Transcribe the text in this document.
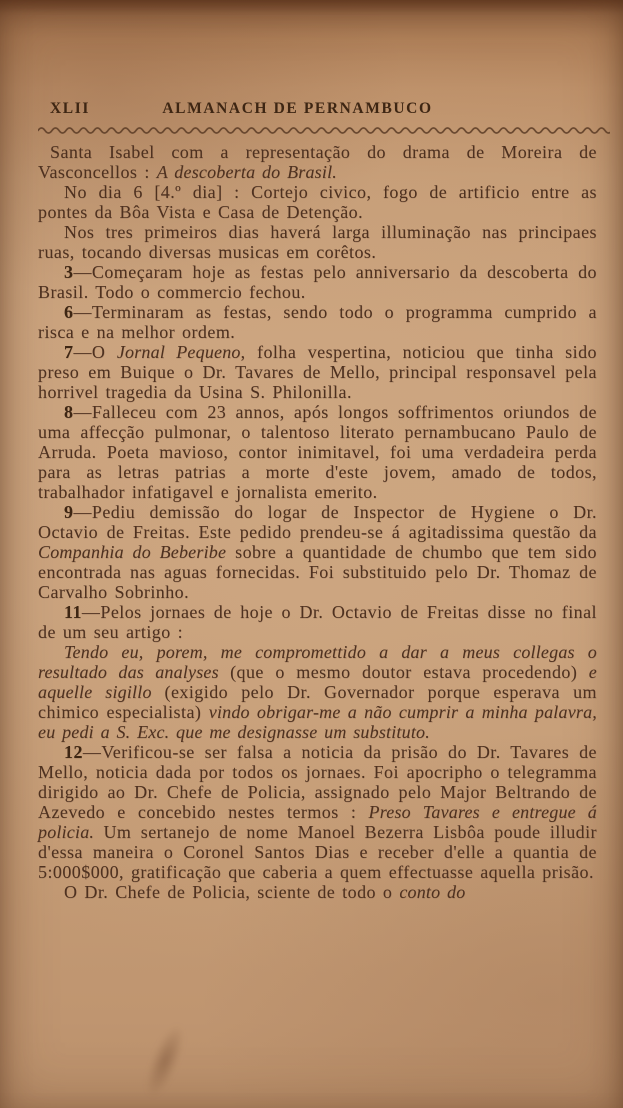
XLII	ALMANACH DE PERNAMBUCO

Santa Isabel com a representação do drama de Moreira de Vasconcellos : A descoberta do Brasil.

No dia 6 [4.º dia] : Cortejo civico, fogo de artificio entre as pontes da Bôa Vista e Casa de Detenção.

Nos tres primeiros dias haverá larga illuminação nas principaes ruas, tocando diversas musicas em corêtos.

3—Começaram hoje as festas pelo anniversario da descoberta do Brasil. Todo o commercio fechou.

6—Terminaram as festas, sendo todo o programma cumprido a risca e na melhor ordem.

7—O Jornal Pequeno, folha vespertina, noticiou que tinha sido preso em Buique o Dr. Tavares de Mello, principal responsavel pela horrivel tragedia da Usina S. Philonilla.

8—Falleceu com 23 annos, após longos soffrimentos oriundos de uma affecção pulmonar, o talentoso literato pernambucano Paulo de Arruda. Poeta mavioso, contor inimitavel, foi uma verdadeira perda para as letras patrias a morte d'este jovem, amado de todos, trabalhador infatigavel e jornalista emerito.

9—Pediu demissão do logar de Inspector de Hygiene o Dr. Octavio de Freitas. Este pedido prendeu-se á agitadissima questão da Companhia do Beberibe sobre a quantidade de chumbo que tem sido encontrada nas aguas fornecidas. Foi substituido pelo Dr. Thomaz de Carvalho Sobrinho.

11—Pelos jornaes de hoje o Dr. Octavio de Freitas disse no final de um seu artigo :

Tendo eu, porem, me compromettido a dar a meus collegas o resultado das analyses (que o mesmo doutor estava procedendo) e aquelle sigillo (exigido pelo Dr. Governador porque esperava um chimico especialista) vindo obrigar-me a não cumprir a minha palavra, eu pedi a S. Exc. que me designasse um substituto.

12—Verificou-se ser falsa a noticia da prisão do Dr. Tavares de Mello, noticia dada por todos os jornaes. Foi apocripho o telegramma dirigido ao Dr. Chefe de Policia, assignado pelo Major Beltrando de Azevedo e concebido nestes termos : Preso Tavares e entregue á policia. Um sertanejo de nome Manoel Bezerra Lisbôa poude illudir d'essa maneira o Coronel Santos Dias e receber d'elle a quantia de 5:000$000, gratificação que caberia a quem effectuasse aquella prisão.

O Dr. Chefe de Policia, sciente de todo o conto do
